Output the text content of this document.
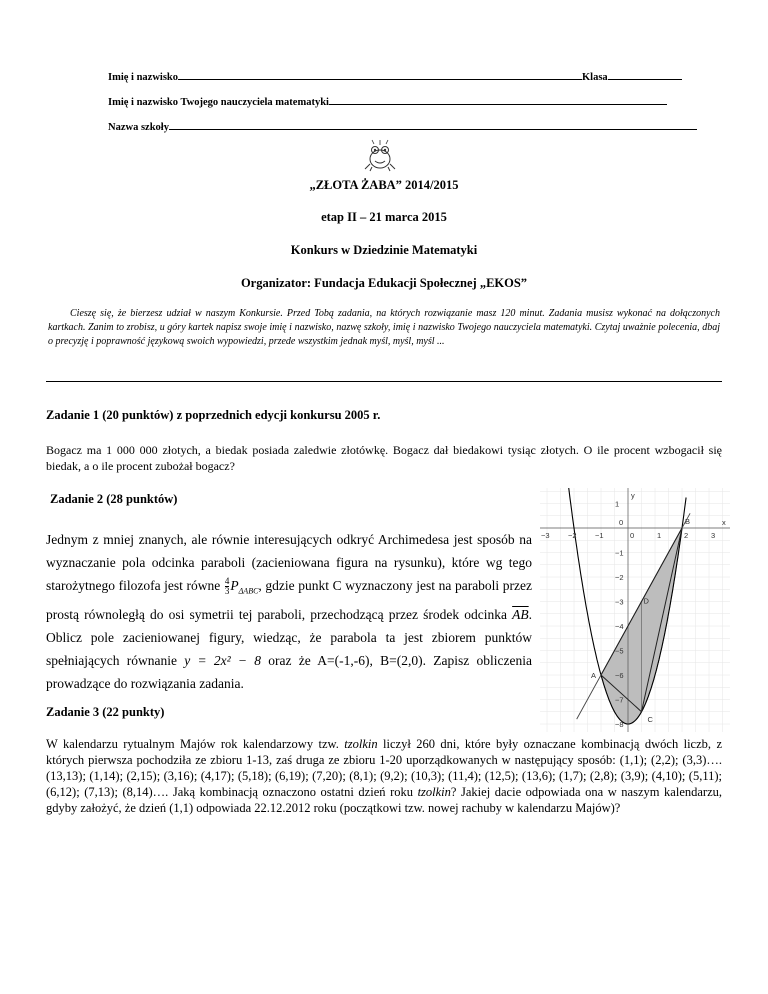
Imię i nazwisko	Klasa
Imię i nazwisko Twojego nauczyciela matematyki
Nazwa szkoły
„ZŁOTA ŻABA” 2014/2015
etap II – 21 marca 2015
Konkurs w Dziedzinie Matematyki
Organizator: Fundacja Edukacji Społecznej „EKOS”
Cieszę się, że bierzesz udział w naszym Konkursie. Przed Tobą zadania, na których rozwiązanie masz 120 minut. Zadania musisz wykonać na dołączonych kartkach. Zanim to zrobisz, u góry kartek napisz swoje imię i nazwisko, nazwę szkoły, imię i nazwisko Twojego nauczyciela matematyki. Czytaj uważnie polecenia, dbaj o precyzję i poprawność językową swoich wypowiedzi, przede wszystkim jednak myśl, myśl, myśl ...
Zadanie 1 (20 punktów) z poprzednich edycji konkursu 2005 r.
Bogacz ma 1 000 000 złotych, a biedak posiada zaledwie złotówkę. Bogacz dał biedakowi tysiąc złotych. O ile procent wzbogacił się biedak, a o ile procent zubożał bogacz?
Zadanie 2 (28 punktów)
Jednym z mniej znanych, ale równie interesujących odkryć Archimedesa jest sposób na wyznaczanie pola odcinka paraboli (zacieniowana figura na rysunku), które wg tego starożytnego filozofa jest równe $\frac{4}{3} P_{\Delta ABC}$, gdzie punkt C wyznaczony jest na paraboli przez prostą równoległą do osi symetrii tej paraboli, przechodzącą przez środek odcinka $\overline{AB}$. Oblicz pole zacieniowanej figury, wiedząc, że parabola ta jest zbiorem punktów spełniających równanie y = 2x² − 8 oraz że A=(-1,-6), B=(2,0). Zapisz obliczenia prowadzące do rozwiązania zadania.
−3 −2 −1	0	1	2	3
1
−1
−2
−3
−4
−5
−6
−7
−8
0
A
B
C
D
x
y
Zadanie 3 (22 punkty)
W kalendarzu rytualnym Majów rok kalendarzowy tzw. tzolkin liczył 260 dni, które były oznaczane kombinacją dwóch liczb, z których pierwsza pochodziła ze zbioru 1-13, zaś druga ze zbioru 1-20 uporządkowanych w następujący sposób: (1,1); (2,2); (3,3)…. (13,13); (1,14); (2,15); (3,16); (4,17); (5,18); (6,19); (7,20); (8,1); (9,2); (10,3); (11,4); (12,5); (13,6); (1,7); (2,8); (3,9); (4,10); (5,11); (6,12); (7,13); (8,14)…. Jaką kombinacją oznaczono ostatni dzień roku tzolkin? Jakiej dacie odpowiada ona w naszym kalendarzu, gdyby założyć, że dzień (1,1) odpowiada 22.12.2012 roku (początkowi tzw. nowej rachuby w kalendarzu Majów)?
